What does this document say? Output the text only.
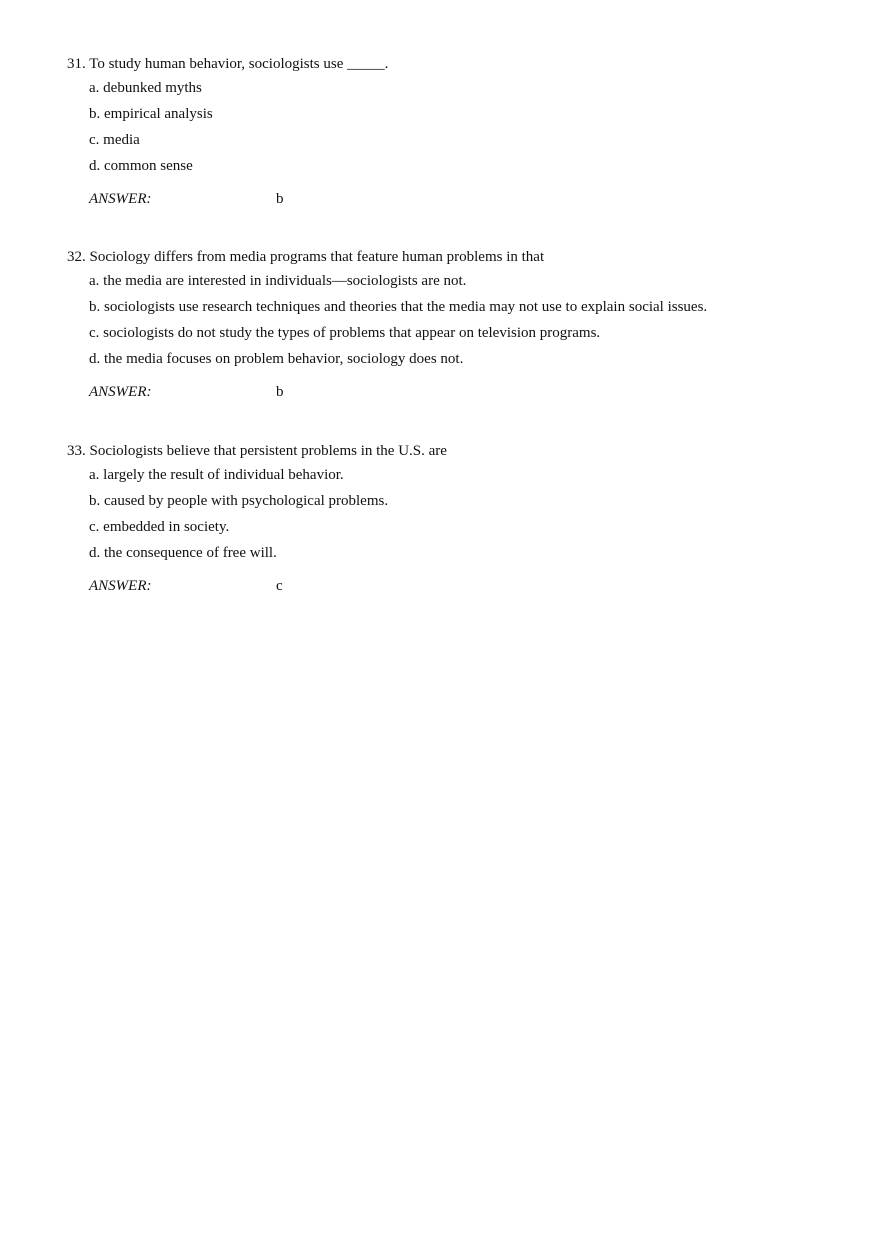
31. To study human behavior, sociologists use _____.
a. debunked myths
b. empirical analysis
c. media
d. common sense
ANSWER:	b
32. Sociology differs from media programs that feature human problems in that
a. the media are interested in individuals—sociologists are not.
b. sociologists use research techniques and theories that the media may not use to explain social issues.
c. sociologists do not study the types of problems that appear on television programs.
d. the media focuses on problem behavior, sociology does not.
ANSWER:	b
33. Sociologists believe that persistent problems in the U.S. are
a. largely the result of individual behavior.
b. caused by people with psychological problems.
c. embedded in society.
d. the consequence of free will.
ANSWER:	c
